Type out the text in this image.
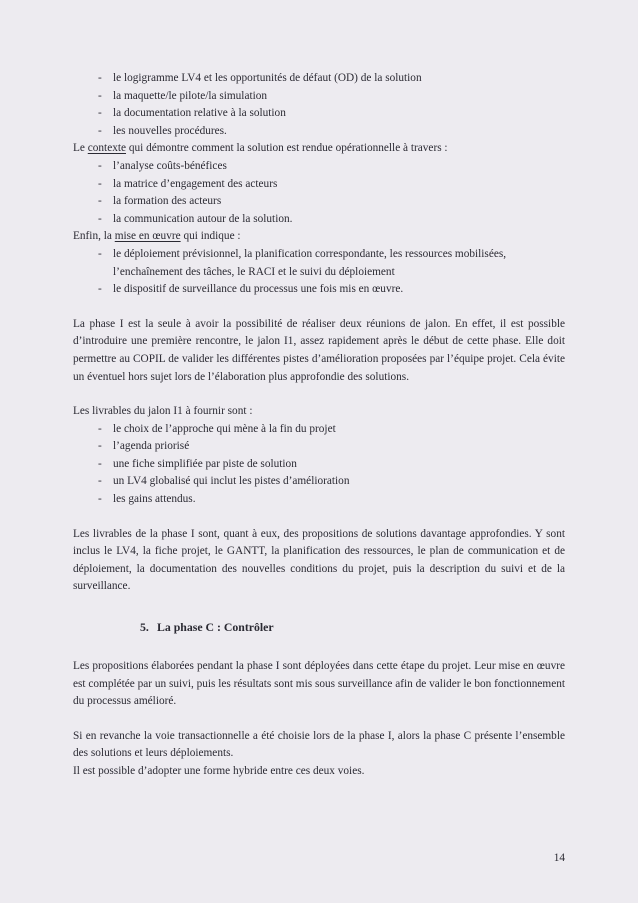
- le logigramme LV4 et les opportunités de défaut (OD) de la solution
- la maquette/le pilote/la simulation
- la documentation relative à la solution
- les nouvelles procédures.

Le contexte qui démontre comment la solution est rendue opérationnelle à travers :

- l’analyse coûts-bénéfices
- la matrice d’engagement des acteurs
- la formation des acteurs
- la communication autour de la solution.

Enfin, la mise en œuvre qui indique :

- le déploiement prévisionnel, la planification correspondante, les ressources mobilisées, l’enchaînement des tâches, le RACI et le suivi du déploiement
- le dispositif de surveillance du processus une fois mis en œuvre.

La phase I est la seule à avoir la possibilité de réaliser deux réunions de jalon. En effet, il est possible d’introduire une première rencontre, le jalon I1, assez rapidement après le début de cette phase. Elle doit permettre au COPIL de valider les différentes pistes d’amélioration proposées par l’équipe projet. Cela évite un éventuel hors sujet lors de l’élaboration plus approfondie des solutions.

Les livrables du jalon I1 à fournir sont :

- le choix de l’approche qui mène à la fin du projet
- l’agenda priorisé
- une fiche simplifiée par piste de solution
- un LV4 globalisé qui inclut les pistes d’amélioration
- les gains attendus.

Les livrables de la phase I sont, quant à eux, des propositions de solutions davantage approfondies. Y sont inclus le LV4, la fiche projet, le GANTT, la planification des ressources, le plan de communication et de déploiement, la documentation des nouvelles conditions du projet, puis la description du suivi et de la surveillance.

5. La phase C : Contrôler

Les propositions élaborées pendant la phase I sont déployées dans cette étape du projet. Leur mise en œuvre est complétée par un suivi, puis les résultats sont mis sous surveillance afin de valider le bon fonctionnement du processus amélioré.

Si en revanche la voie transactionnelle a été choisie lors de la phase I, alors la phase C présente l’ensemble des solutions et leurs déploiements.

Il est possible d’adopter une forme hybride entre ces deux voies.

14
